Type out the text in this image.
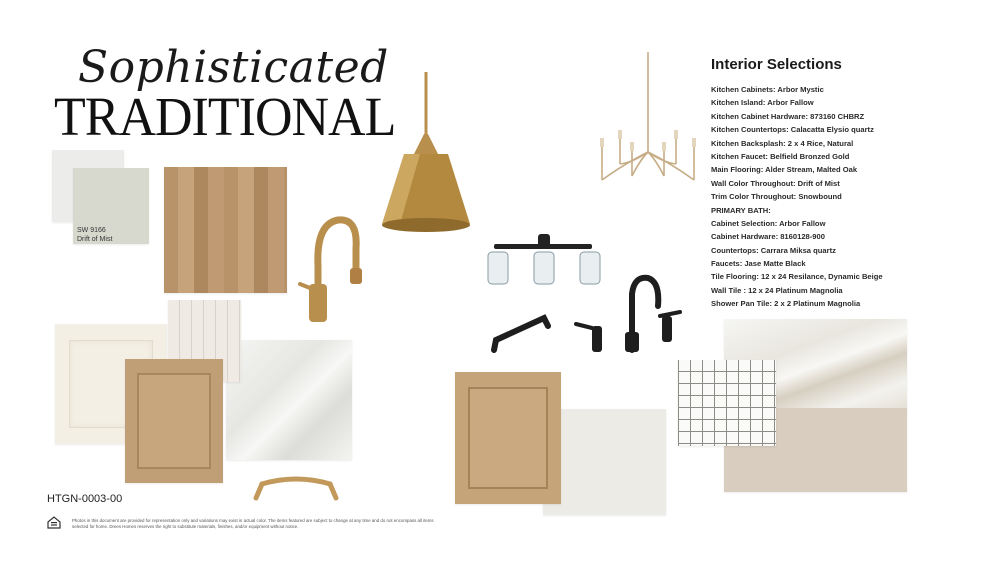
Sophisticated
TRADITIONAL
SW 9166
Drift of Mist
Interior Selections
Kitchen Cabinets: Arbor Mystic
Kitchen Island: Arbor Fallow
Kitchen Cabinet Hardware: 873160 CHBRZ
Kitchen Countertops: Calacatta Elysio quartz
Kitchen Backsplash: 2 x 4 Rice, Natural
Kitchen Faucet: Belfield Bronzed Gold
Main Flooring: Alder Stream, Malted Oak
Wall Color Throughout: Drift of Mist
Trim Color Throughout: Snowbound
PRIMARY BATH:
Cabinet Selection: Arbor Fallow
Cabinet Hardware: 8160128-900
Countertops: Carrara Miksa quartz
Faucets: Jase Matte Black
Tile Flooring: 12 x 24 Resilance, Dynamic Beige
Wall Tile : 12 x 24 Platinum Magnolia
Shower Pan Tile: 2 x 2 Platinum Magnolia
HTGN-0003-00
Photos in this document are provided for representation only and variations may exist in actual color. The items featured are subject to change at any time and do not encompass all items selected for home. Drees Homes reserves the right to substitute materials, finishes, and/or equipment without notice.
